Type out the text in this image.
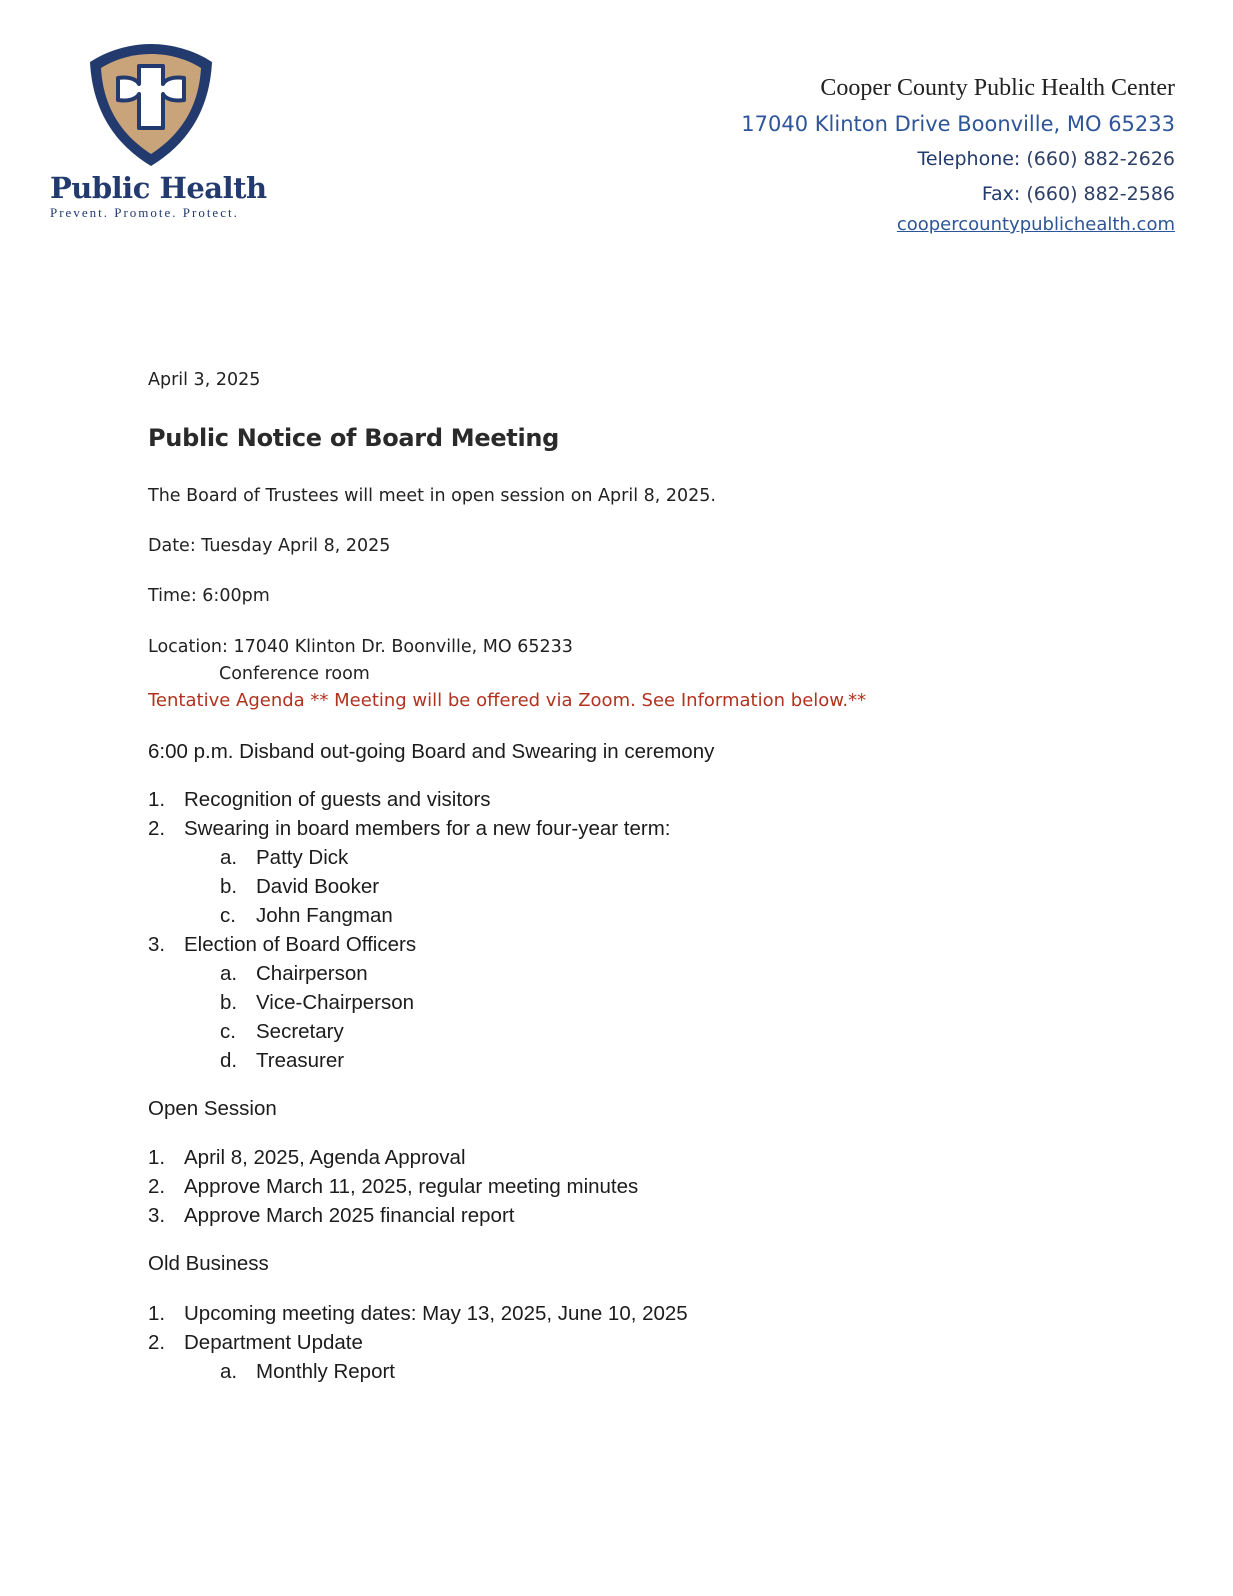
Public Health
Prevent. Promote. Protect.
Cooper County Public Health Center
17040 Klinton Drive Boonville, MO 65233
Telephone: (660) 882-2626
Fax: (660) 882-2586
coopercountypublichealth.com
April 3, 2025
Public Notice of Board Meeting
The Board of Trustees will meet in open session on April 8, 2025.
Date: Tuesday April 8, 2025
Time: 6:00pm
Location: 17040 Klinton Dr. Boonville, MO 65233
Conference room
Tentative Agenda ** Meeting will be offered via Zoom. See Information below.**
6:00 p.m. Disband out-going Board and Swearing in ceremony
1. Recognition of guests and visitors
2. Swearing in board members for a new four-year term:
a. Patty Dick
b. David Booker
c. John Fangman
3. Election of Board Officers
a. Chairperson
b. Vice-Chairperson
c. Secretary
d. Treasurer
Open Session
1. April 8, 2025, Agenda Approval
2. Approve March 11, 2025, regular meeting minutes
3. Approve March 2025 financial report
Old Business
1. Upcoming meeting dates: May 13, 2025, June 10, 2025
2. Department Update
a. Monthly Report
